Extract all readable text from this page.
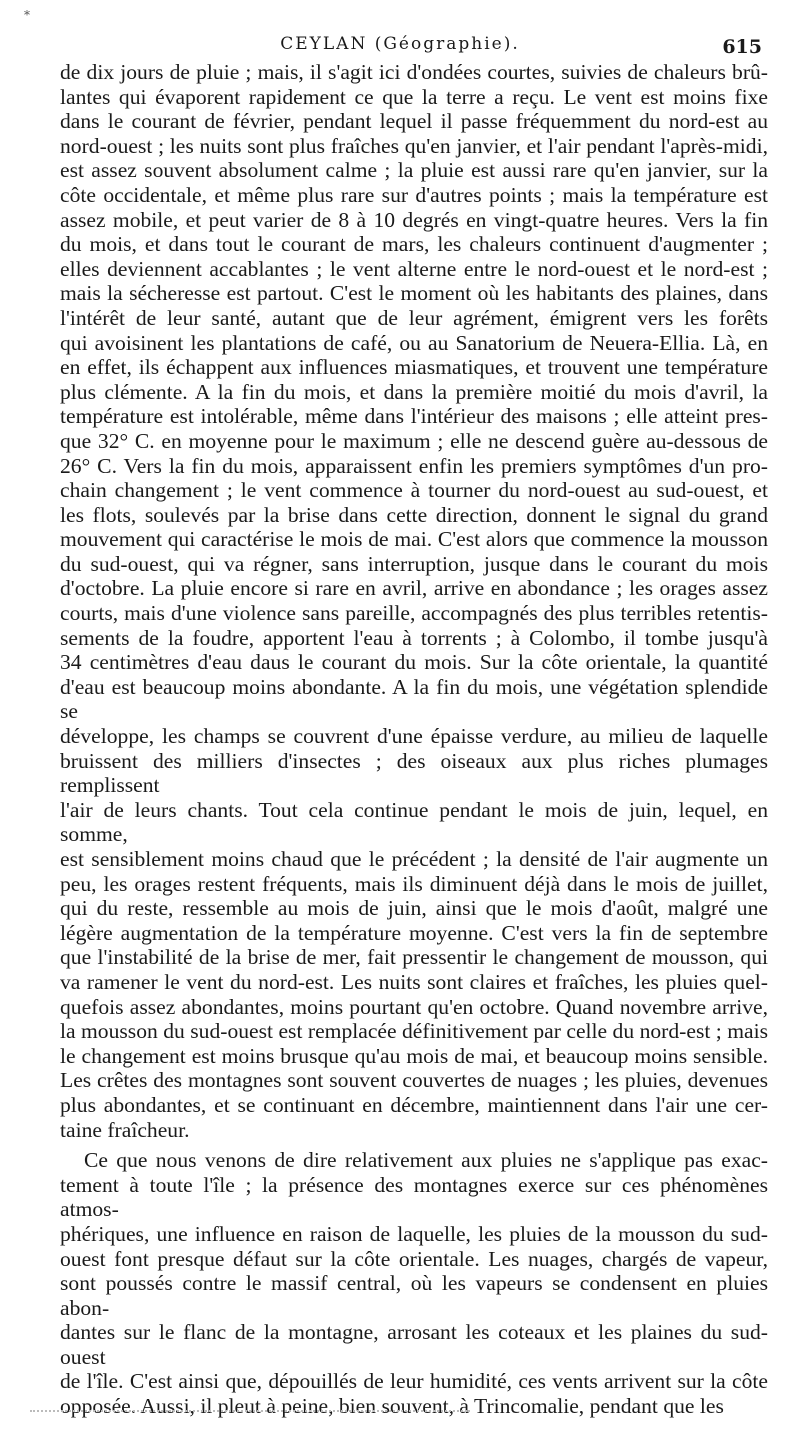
*
CEYLAN (Géographie).	615
de dix jours de pluie ; mais, il s'agit ici d'ondées courtes, suivies de chaleurs brû-
lantes qui évaporent rapidement ce que la terre a reçu. Le vent est moins fixe
dans le courant de février, pendant lequel il passe fréquemment du nord-est au
nord-ouest ; les nuits sont plus fraîches qu'en janvier, et l'air pendant l'après-midi,
est assez souvent absolument calme ; la pluie est aussi rare qu'en janvier, sur la
côte occidentale, et même plus rare sur d'autres points ; mais la température est
assez mobile, et peut varier de 8 à 10 degrés en vingt-quatre heures. Vers la fin
du mois, et dans tout le courant de mars, les chaleurs continuent d'augmenter ;
elles deviennent accablantes ; le vent alterne entre le nord-ouest et le nord-est ;
mais la sécheresse est partout. C'est le moment où les habitants des plaines, dans
l'intérêt de leur santé, autant que de leur agrément, émigrent vers les forêts
qui avoisinent les plantations de café, ou au Sanatorium de Neuera-Ellia. Là, en
en effet, ils échappent aux influences miasmatiques, et trouvent une température
plus clémente. A la fin du mois, et dans la première moitié du mois d'avril, la
température est intolérable, même dans l'intérieur des maisons ; elle atteint pres-
que 32° C. en moyenne pour le maximum ; elle ne descend guère au-dessous de
26° C. Vers la fin du mois, apparaissent enfin les premiers symptômes d'un pro-
chain changement ; le vent commence à tourner du nord-ouest au sud-ouest, et
les flots, soulevés par la brise dans cette direction, donnent le signal du grand
mouvement qui caractérise le mois de mai. C'est alors que commence la mousson
du sud-ouest, qui va régner, sans interruption, jusque dans le courant du mois
d'octobre. La pluie encore si rare en avril, arrive en abondance ; les orages assez
courts, mais d'une violence sans pareille, accompagnés des plus terribles retentis-
sements de la foudre, apportent l'eau à torrents ; à Colombo, il tombe jusqu'à
34 centimètres d'eau daus le courant du mois. Sur la côte orientale, la quantité
d'eau est beaucoup moins abondante. A la fin du mois, une végétation splendide se
développe, les champs se couvrent d'une épaisse verdure, au milieu de laquelle
bruissent des milliers d'insectes ; des oiseaux aux plus riches plumages remplissent
l'air de leurs chants. Tout cela continue pendant le mois de juin, lequel, en somme,
est sensiblement moins chaud que le précédent ; la densité de l'air augmente un
peu, les orages restent fréquents, mais ils diminuent déjà dans le mois de juillet,
qui du reste, ressemble au mois de juin, ainsi que le mois d'août, malgré une
légère augmentation de la température moyenne. C'est vers la fin de septembre
que l'instabilité de la brise de mer, fait pressentir le changement de mousson, qui
va ramener le vent du nord-est. Les nuits sont claires et fraîches, les pluies quel-
quefois assez abondantes, moins pourtant qu'en octobre. Quand novembre arrive,
la mousson du sud-ouest est remplacée définitivement par celle du nord-est ; mais
le changement est moins brusque qu'au mois de mai, et beaucoup moins sensible.
Les crêtes des montagnes sont souvent couvertes de nuages ; les pluies, devenues
plus abondantes, et se continuant en décembre, maintiennent dans l'air une cer-
taine fraîcheur.
Ce que nous venons de dire relativement aux pluies ne s'applique pas exac-
tement à toute l'île ; la présence des montagnes exerce sur ces phénomènes atmos-
phériques, une influence en raison de laquelle, les pluies de la mousson du sud-
ouest font presque défaut sur la côte orientale. Les nuages, chargés de vapeur,
sont poussés contre le massif central, où les vapeurs se condensent en pluies abon-
dantes sur le flanc de la montagne, arrosant les coteaux et les plaines du sud-ouest
de l'île. C'est ainsi que, dépouillés de leur humidité, ces vents arrivent sur la côte
opposée. Aussi, il pleut à peine, bien souvent, à Trincomalie, pendant que les
